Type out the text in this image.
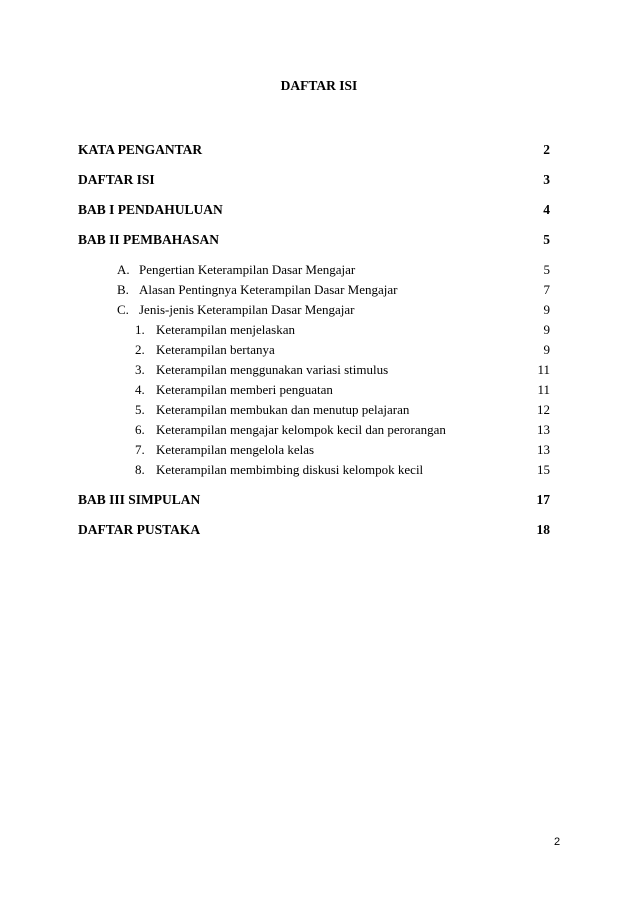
DAFTAR ISI
KATA PENGANTAR	2
DAFTAR ISI	3
BAB I PENDAHULUAN	4
BAB II PEMBAHASAN	5
A. Pengertian Keterampilan Dasar Mengajar	5
B. Alasan Pentingnya Keterampilan Dasar Mengajar	7
C. Jenis-jenis Keterampilan Dasar Mengajar	9
1. Keterampilan menjelaskan	9
2. Keterampilan bertanya	9
3. Keterampilan menggunakan variasi stimulus	11
4. Keterampilan memberi penguatan	11
5. Keterampilan membukan dan menutup pelajaran	12
6. Keterampilan mengajar kelompok kecil dan perorangan	13
7. Keterampilan mengelola kelas	13
8. Keterampilan membimbing diskusi kelompok kecil	15
BAB III SIMPULAN	17
DAFTAR PUSTAKA	18
2
